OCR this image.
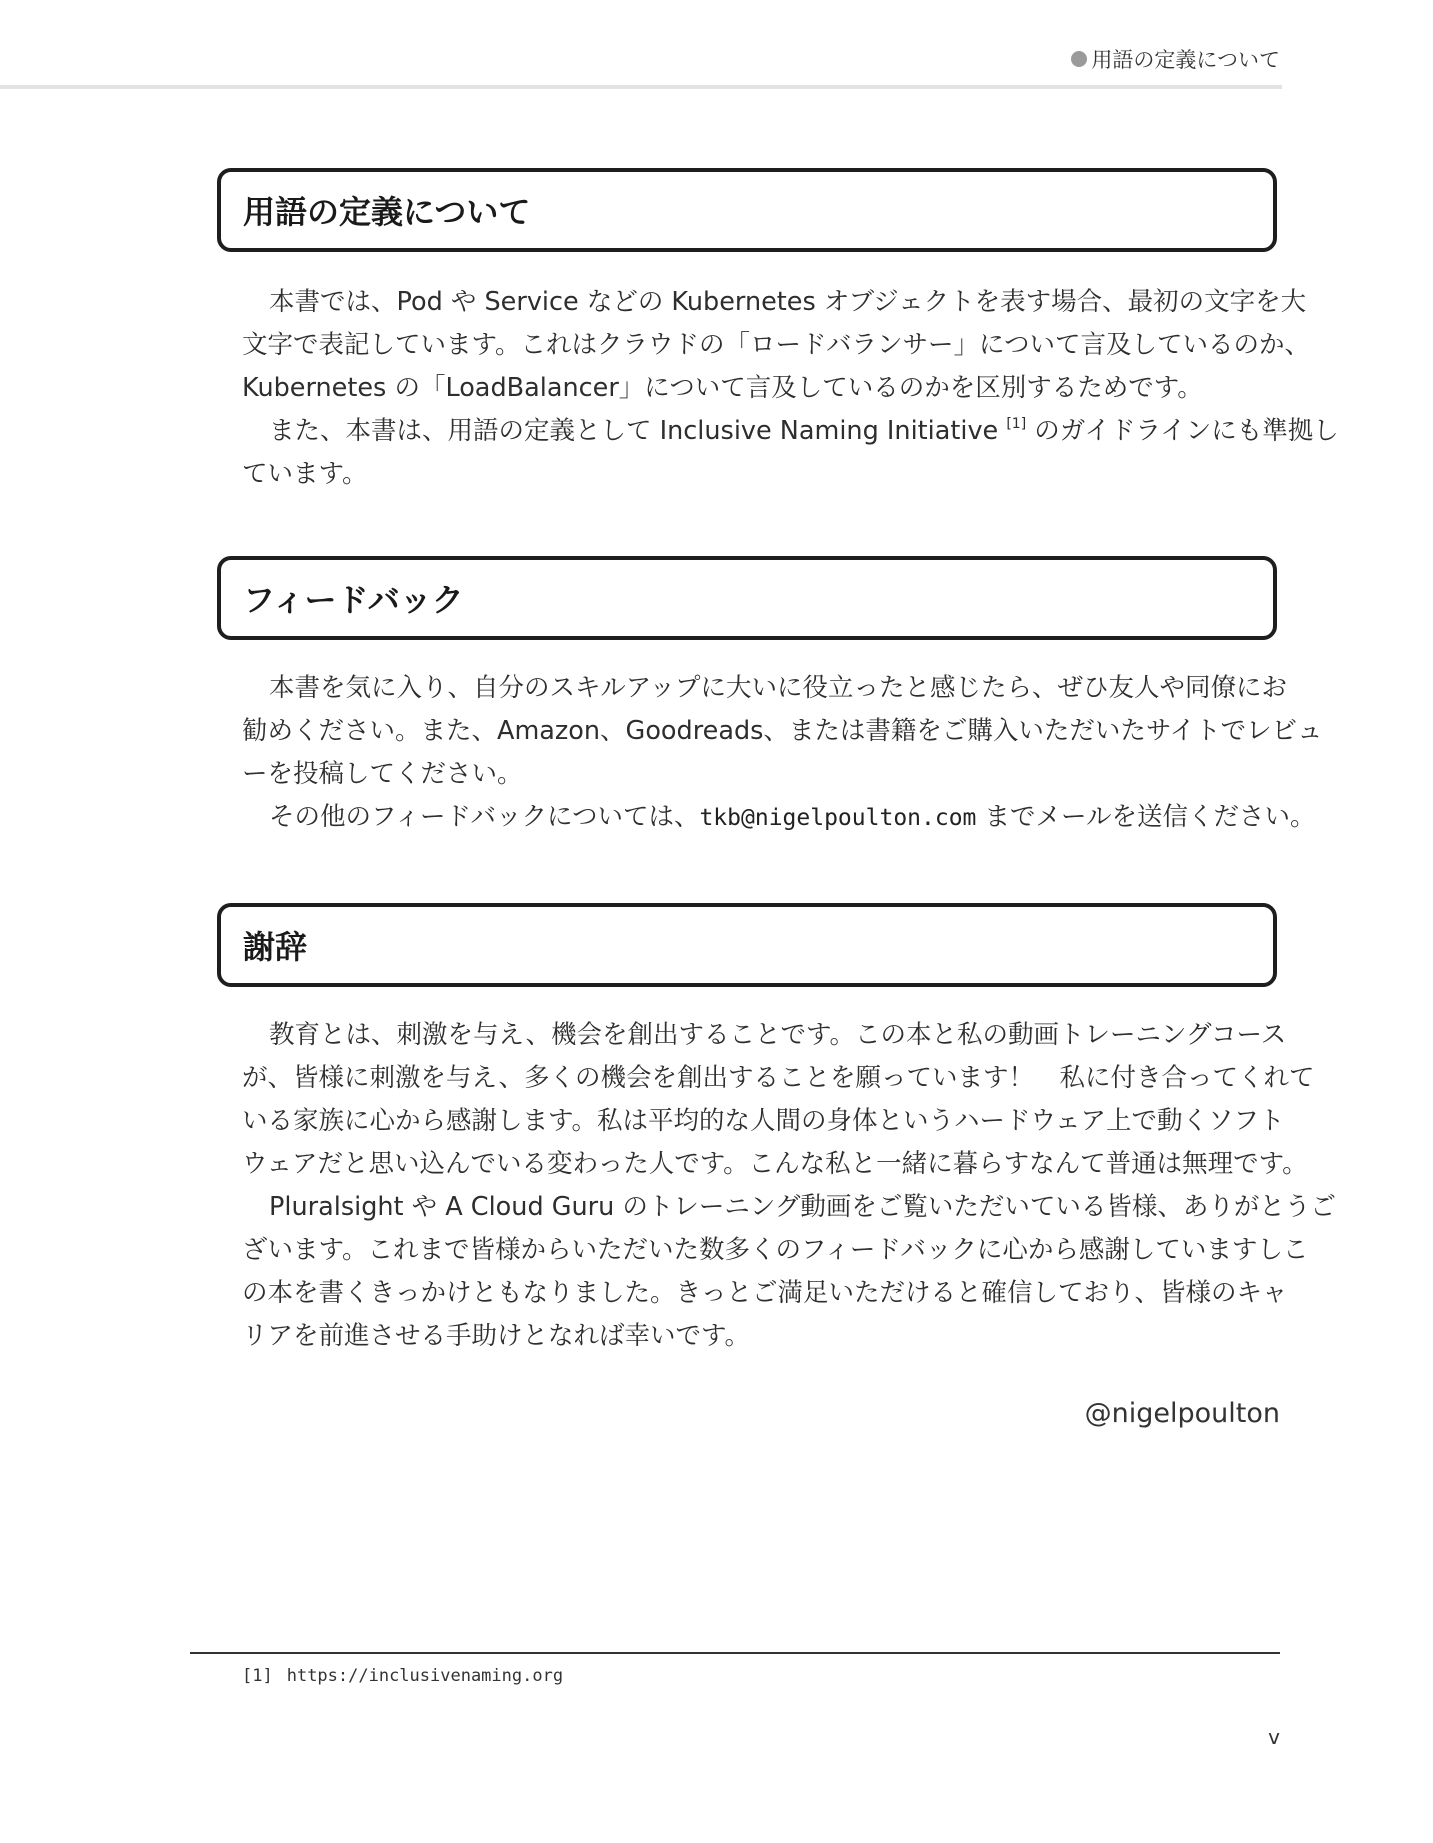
用語の定義について
用語の定義について

本書では、Pod や Service などの Kubernetes オブジェクトを表す場合、最初の文字を大
文字で表記しています。これはクラウドの「ロードバランサー」について言及しているのか、
Kubernetes の「LoadBalancer」について言及しているのかを区別するためです。
また、本書は、用語の定義として Inclusive Naming Initiative [1] のガイドラインにも準拠し
ています。

フィードバック

本書を気に入り、自分のスキルアップに大いに役立ったと感じたら、ぜひ友人や同僚にお
勧めください。また、Amazon、Goodreads、または書籍をご購入いただいたサイトでレビュ
ーを投稿してください。
その他のフィードバックについては、tkb@nigelpoulton.com までメールを送信ください。

謝辞

教育とは、刺激を与え、機会を創出することです。この本と私の動画トレーニングコース
が、皆様に刺激を与え、多くの機会を創出することを願っています！　私に付き合ってくれて
いる家族に心から感謝します。私は平均的な人間の身体というハードウェア上で動くソフト
ウェアだと思い込んでいる変わった人です。こんな私と一緒に暮らすなんて普通は無理です。
Pluralsight や A Cloud Guru のトレーニング動画をご覧いただいている皆様、ありがとうご
ざいます。これまで皆様からいただいた数多くのフィードバックに心から感謝していますしこ
の本を書くきっかけともなりました。きっとご満足いただけると確信しており、皆様のキャ
リアを前進させる手助けとなれば幸いです。

@nigelpoulton
[1] https://inclusivenaming.org
v
